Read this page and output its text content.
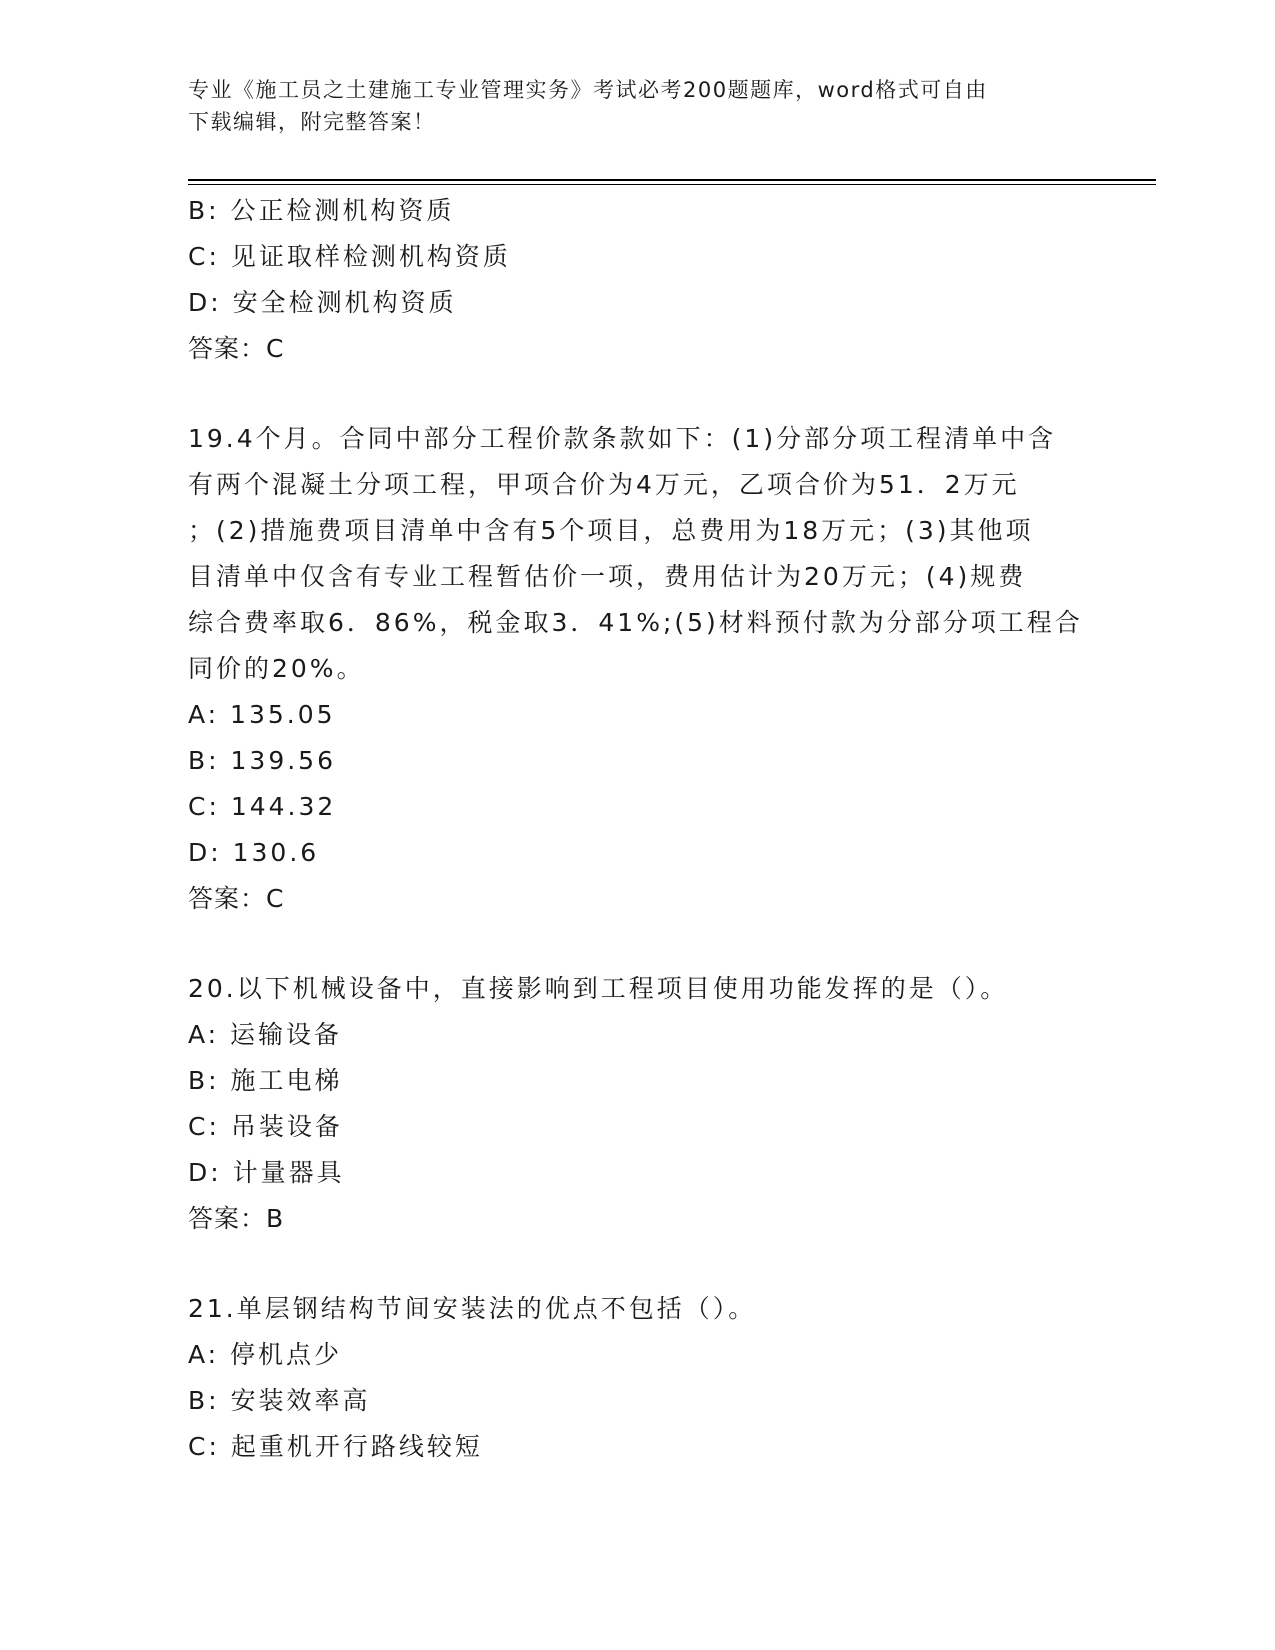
专业《施工员之土建施工专业管理实务》考试必考200题题库，word格式可自由
下载编辑，附完整答案！
B: 公正检测机构资质
C: 见证取样检测机构资质
D: 安全检测机构资质
答案：C
19.4个月。合同中部分工程价款条款如下：(1)分部分项工程清单中含
有两个混凝土分项工程，甲项合价为4万元，乙项合价为51．2万元
；(2)措施费项目清单中含有5个项目，总费用为18万元；(3)其他项
目清单中仅含有专业工程暂估价一项，费用估计为20万元；(4)规费
综合费率取6．86%，税金取3．41%;(5)材料预付款为分部分项工程合
同价的20%。
A: 135.05
B: 139.56
C: 144.32
D: 130.6
答案：C
20.以下机械设备中，直接影响到工程项目使用功能发挥的是（）。
A: 运输设备
B: 施工电梯
C: 吊装设备
D: 计量器具
答案：B
21.单层钢结构节间安装法的优点不包括（）。
A: 停机点少
B: 安装效率高
C: 起重机开行路线较短
